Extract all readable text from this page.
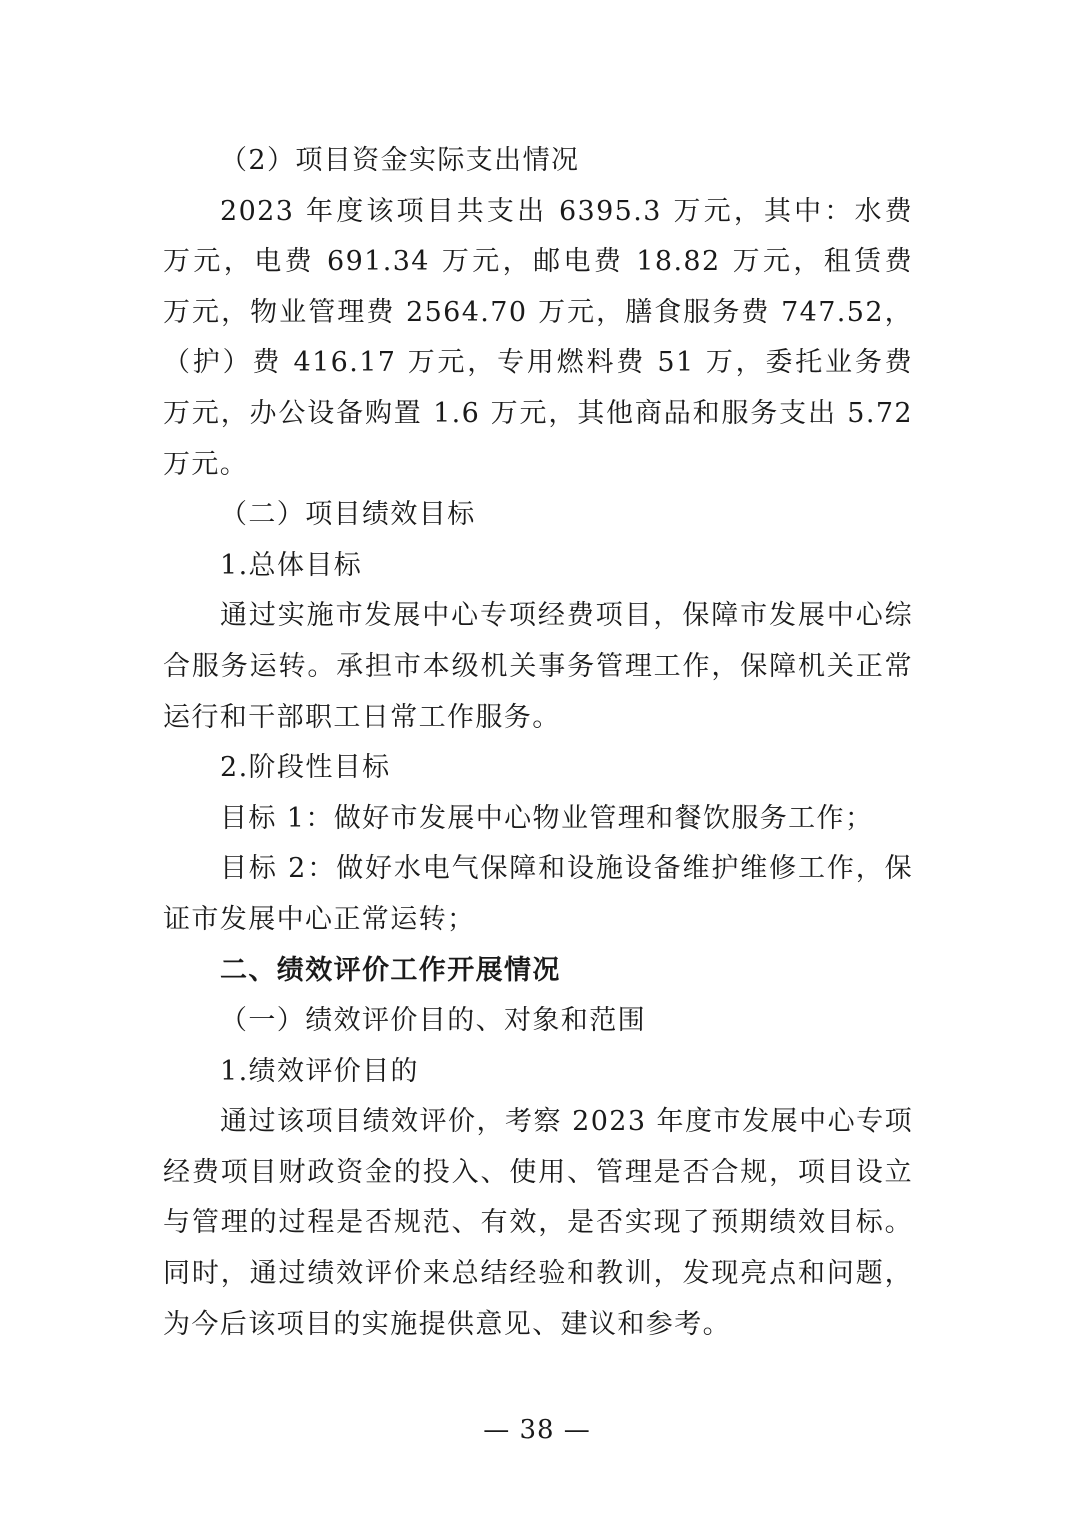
（2）项目资金实际支出情况
2023 年度该项目共支出 6395.3 万元，其中：水费
万元，电费 691.34 万元，邮电费 18.82 万元，租赁费
万元，物业管理费 2564.70 万元，膳食服务费 747.52，
（护）费 416.17 万元，专用燃料费 51 万，委托业务费
万元，办公设备购置 1.6 万元，其他商品和服务支出 5.72
万元。
（二）项目绩效目标
1.总体目标
通过实施市发展中心专项经费项目，保障市发展中心综
合服务运转。承担市本级机关事务管理工作，保障机关正常
运行和干部职工日常工作服务。
2.阶段性目标
目标 1：做好市发展中心物业管理和餐饮服务工作；
目标 2：做好水电气保障和设施设备维护维修工作，保
证市发展中心正常运转；
二、绩效评价工作开展情况
（一）绩效评价目的、对象和范围
1.绩效评价目的
通过该项目绩效评价，考察 2023 年度市发展中心专项
经费项目财政资金的投入、使用、管理是否合规，项目设立
与管理的过程是否规范、有效，是否实现了预期绩效目标。
同时，通过绩效评价来总结经验和教训，发现亮点和问题，
为今后该项目的实施提供意见、建议和参考。
— 38 —
